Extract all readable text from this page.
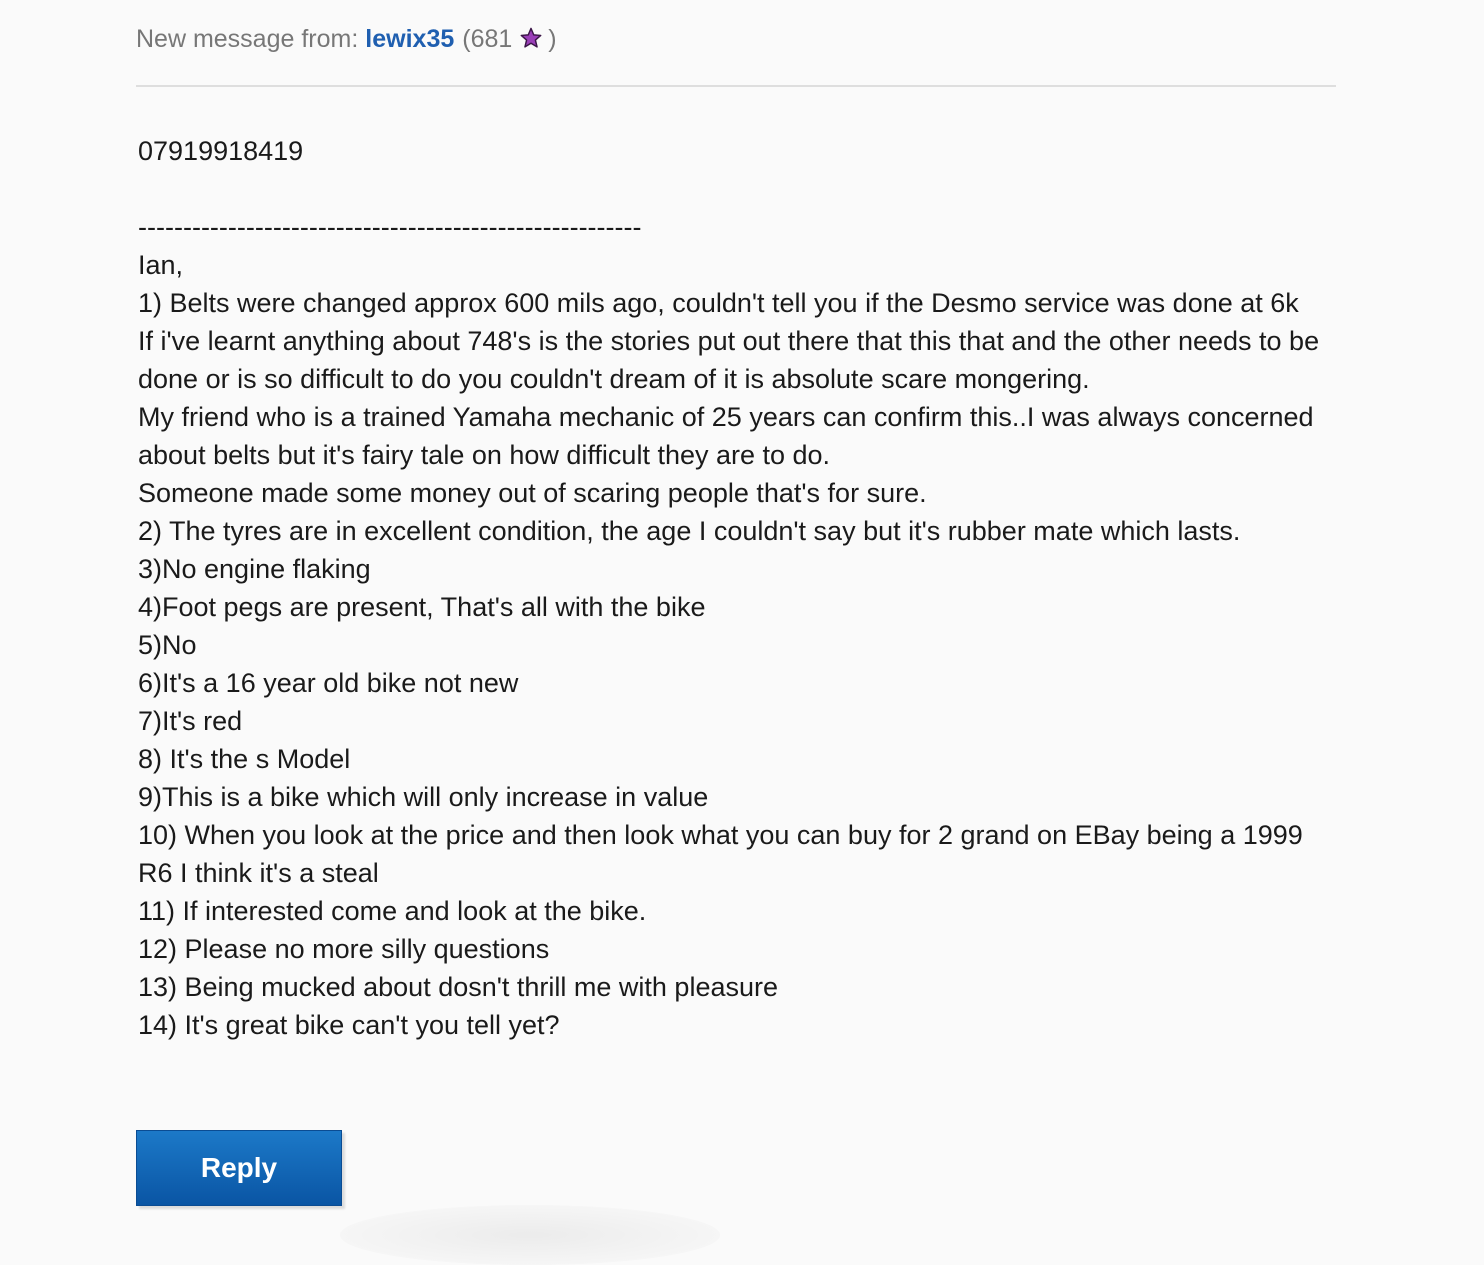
New message from: lewix35 (681 )
07919918419
--------------------------------------------------------
Ian,
1) Belts were changed approx 600 mils ago, couldn't tell you if the Desmo service was done at 6k
If i've learnt anything about 748's is the stories put out there that this that and the other needs to be done or is so difficult to do you couldn't dream of it is absolute scare mongering.
My friend who is a trained Yamaha mechanic of 25 years can confirm this..I was always concerned about belts but it's fairy tale on how difficult they are to do.
Someone made some money out of scaring people that's for sure.
2) The tyres are in excellent condition, the age I couldn't say but it's rubber mate which lasts.
3)No engine flaking
4)Foot pegs are present, That's all with the bike
5)No
6)It's a 16 year old bike not new
7)It's red
8) It's the s Model
9)This is a bike which will only increase in value
10) When you look at the price and then look what you can buy for 2 grand on EBay being a 1999 R6 I think it's a steal
11) If interested come and look at the bike.
12) Please no more silly questions
13) Being mucked about dosn't thrill me with pleasure
14) It's great bike can't you tell yet?
Reply
